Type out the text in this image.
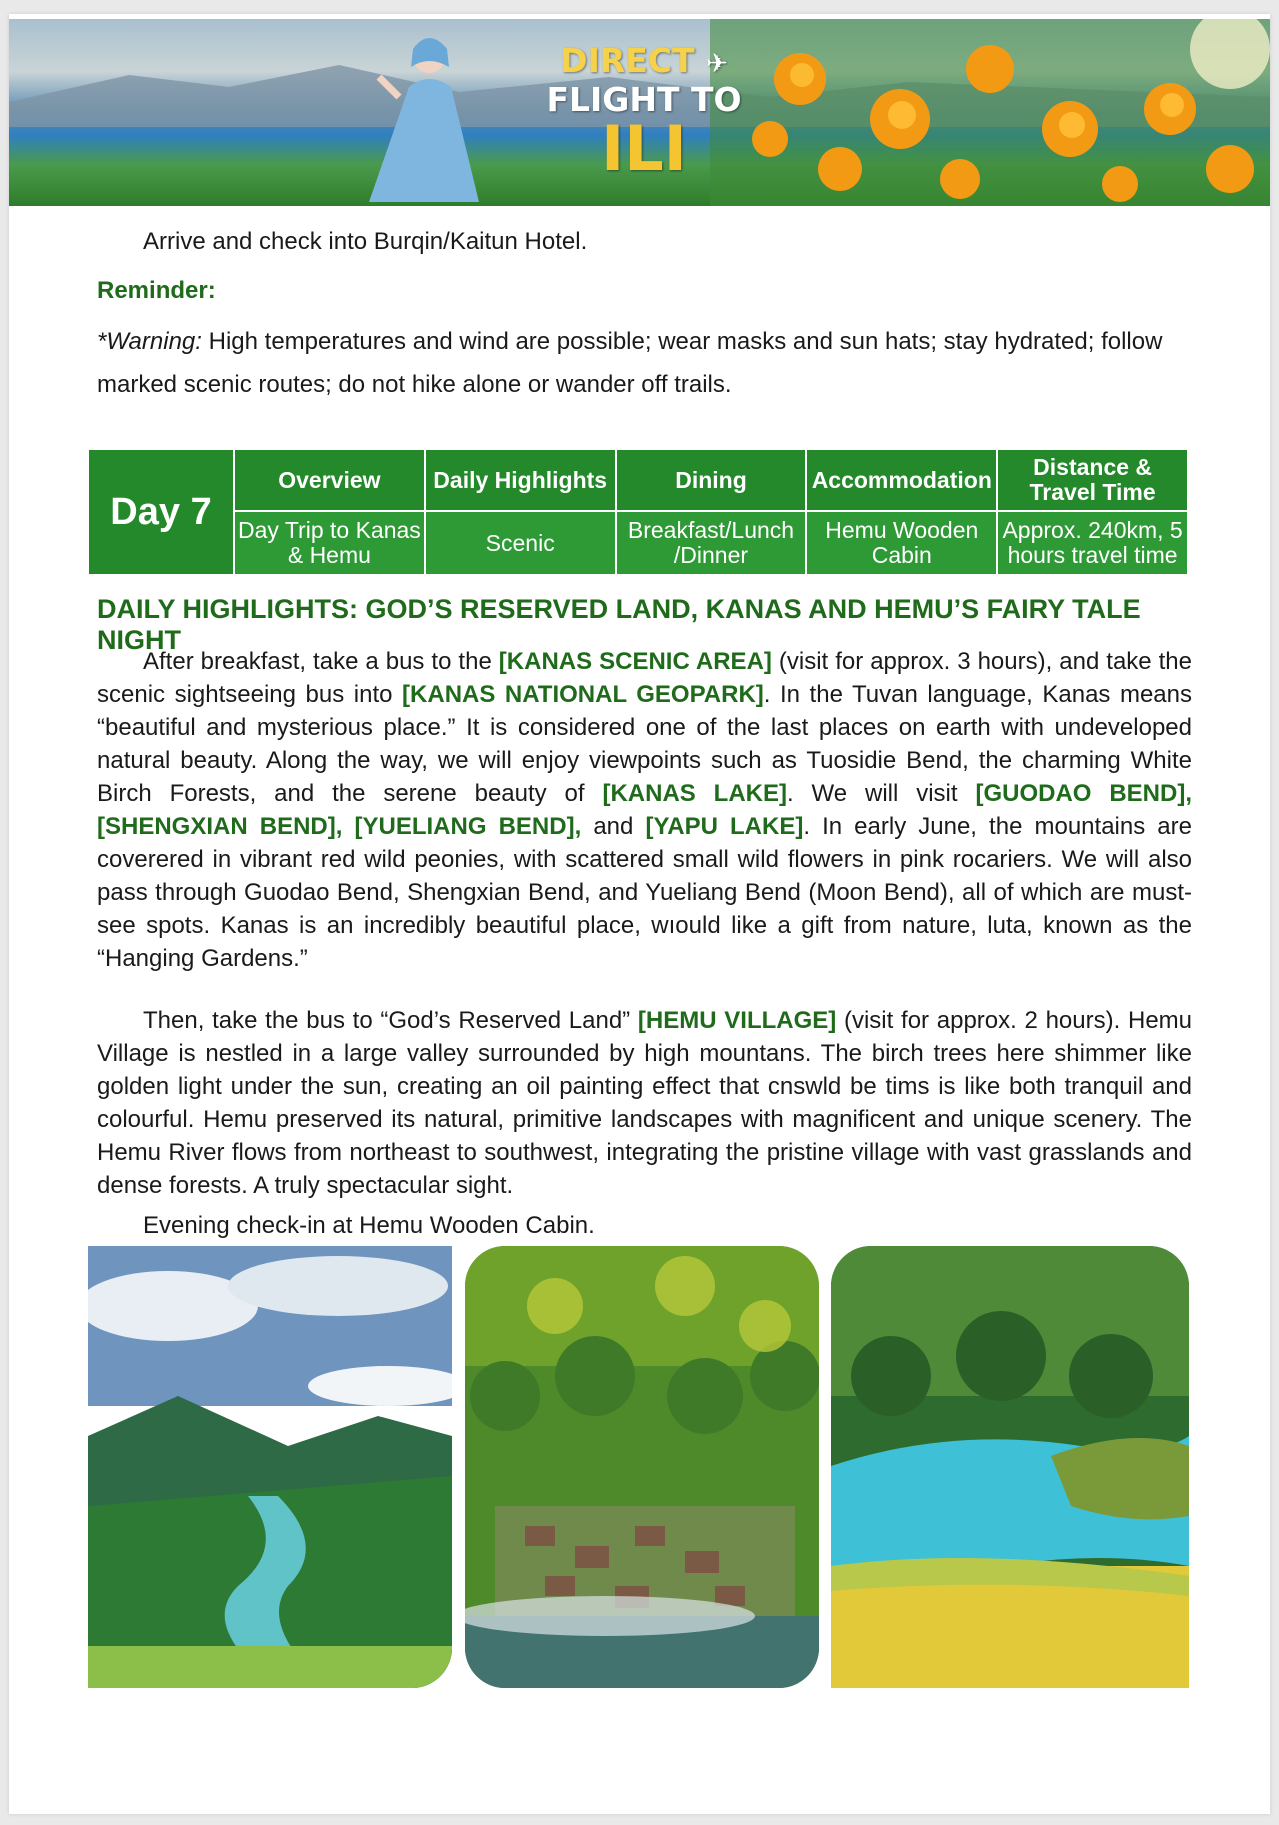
DIRECT ✈
FLIGHT TO
ILI
Arrive and check into Burqin/Kaitun Hotel.
Reminder:
*Warning: High temperatures and wind are possible; wear masks and sun hats; stay hydrated; follow marked scenic routes; do not hike alone or wander off trails.
Day 7	Overview	Daily Highlights	Dining	Accommodation	Distance & Travel Time
	Day Trip to Kanas & Hemu	Scenic	Breakfast/Lunch /Dinner	Hemu Wooden Cabin	Approx. 240km, 5 hours travel time
DAILY HIGHLIGHTS: GOD’S RESERVED LAND, KANAS AND HEMU’S FAIRY TALE NIGHT
After breakfast, take a bus to the [KANAS SCENIC AREA] (visit for approx. 3 hours), and take the scenic sightseeing bus into [KANAS NATIONAL GEOPARK]. In the Tuvan language, Kanas means “beautiful and mysterious place.” It is considered one of the last places on earth with undeveloped natural beauty. Along the way, we will enjoy viewpoints such as Tuosidie Bend, the charming White Birch Forests, and the serene beauty of [KANAS LAKE]. We will visit [GUODAO BEND], [SHENGXIAN BEND], [YUELIANG BEND], and [YAPU LAKE]. In early June, the mountains are coverered in vibrant red wild peonies, with scattered small wild flowers in pink rocariers. We will also pass through Guodao Bend, Shengxian Bend, and Yueliang Bend (Moon Bend), all of which are must-see spots. Kanas is an incredibly beautiful place, wıould like a gift from nature, luta, known as the “Hanging Gardens.”
Then, take the bus to “God’s Reserved Land” [HEMU VILLAGE] (visit for approx. 2 hours). Hemu Village is nestled in a large valley surrounded by high mountans. The birch trees here shimmer like golden light under the sun, creating an oil painting effect that cnswld be tims is like both tranquil and colourful. Hemu preserved its natural, primitive landscapes with magnificent and unique scenery. The Hemu River flows from northeast to southwest, integrating the pristine village with vast grasslands and dense forests. A truly spectacular sight.
Evening check-in at Hemu Wooden Cabin.
